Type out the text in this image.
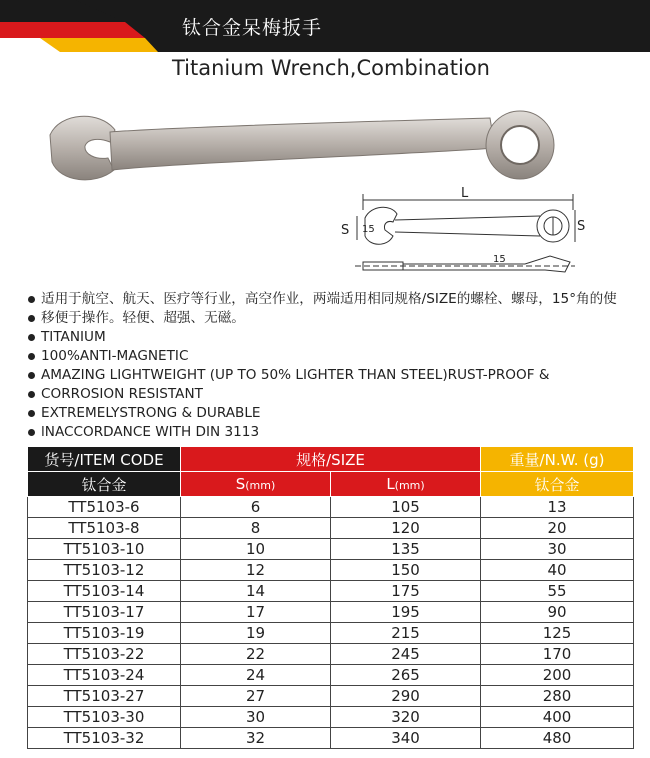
钛合金呆梅扳手
Titanium Wrench,Combination
L
S	S
15
15
适用于航空、航天、医疗等行业，高空作业，两端适用相同规格/SIZE的螺栓、螺母，15°角的使
移便于操作。轻便、超强、无磁。
TITANIUM
100%ANTI-MAGNETIC
AMAZING LIGHTWEIGHT (UP TO 50% LIGHTER THAN STEEL)RUST-PROOF &
CORROSION RESISTANT
EXTREMELYSTRONG & DURABLE
lNACCORDANCE WITH DIN 3113
货号/ITEM CODE	规格/SIZE		重量/N.W. (g)
钛合金	S(mm)	L(mm)	钛合金
TT5103-6	6	105	13
TT5103-8	8	120	20
TT5103-10	10	135	30
TT5103-12	12	150	40
TT5103-14	14	175	55
TT5103-17	17	195	90
TT5103-19	19	215	125
TT5103-22	22	245	170
TT5103-24	24	265	200
TT5103-27	27	290	280
TT5103-30	30	320	400
TT5103-32	32	340	480
